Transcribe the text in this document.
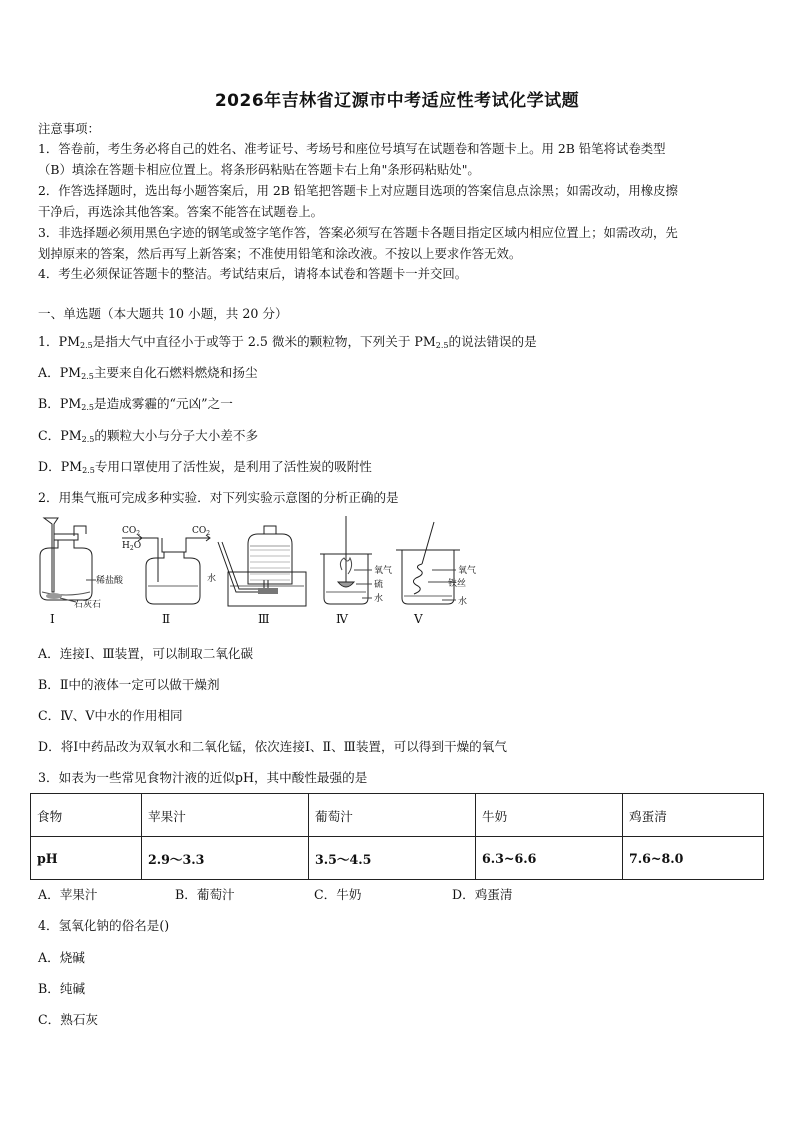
2026年吉林省辽源市中考适应性考试化学试题
注意事项：
1．答卷前，考生务必将自己的姓名、准考证号、考场号和座位号填写在试题卷和答题卡上。用 2B 铅笔将试卷类型
（B）填涂在答题卡相应位置上。将条形码粘贴在答题卡右上角"条形码粘贴处"。
2．作答选择题时，选出每小题答案后，用 2B 铅笔把答题卡上对应题目选项的答案信息点涂黑；如需改动，用橡皮擦
干净后，再选涂其他答案。答案不能答在试题卷上。
3．非选择题必须用黑色字迹的钢笔或签字笔作答，答案必须写在答题卡各题目指定区域内相应位置上；如需改动，先
划掉原来的答案，然后再写上新答案；不准使用铅笔和涂改液。不按以上要求作答无效。
4．考生必须保证答题卡的整洁。考试结束后，请将本试卷和答题卡一并交回。
一、单选题（本大题共 10 小题，共 20 分）
1．$PM_{2.5}$是指大气中直径小于或等于 2.5 微米的颗粒物，下列关于 $PM_{2.5}$的说法错误的是
A．$PM_{2.5}$主要来自化石燃料燃烧和扬尘
B．$PM_{2.5}$是造成雾霾的“元凶”之一
C．$PM_{2.5}$的颗粒大小与分子大小差不多
D．$PM_{2.5}$专用口罩使用了活性炭，是利用了活性炭的吸附性
2．用集气瓶可完成多种实验．对下列实验示意图的分析正确的是
稀盐酸
石灰石
Ⅰ
$CO_2$
$H_2O$
$CO_2$
Ⅱ
水
Ⅲ
氧气
硫
水
Ⅳ
氧气
铁丝
水
Ⅴ
A．连接Ⅰ、Ⅲ装置，可以制取二氧化碳
B．Ⅱ中的液体一定可以做干燥剂
C．Ⅳ、Ⅴ中水的作用相同
D．将Ⅰ中药品改为双氧水和二氧化锰，依次连接Ⅰ、Ⅱ、Ⅲ装置，可以得到干燥的氧气
3．如表为一些常见食物汁液的近似pH，其中酸性最强的是
食物	苹果汁	葡萄汁	牛奶	鸡蛋清
pH	2.9～3.3	3.5～4.5	6.3~6.6	7.6~8.0
A．苹果汁	B．葡萄汁	C．牛奶	D．鸡蛋清
4．氢氧化钠的俗名是()
A．烧碱
B．纯碱
C．熟石灰
